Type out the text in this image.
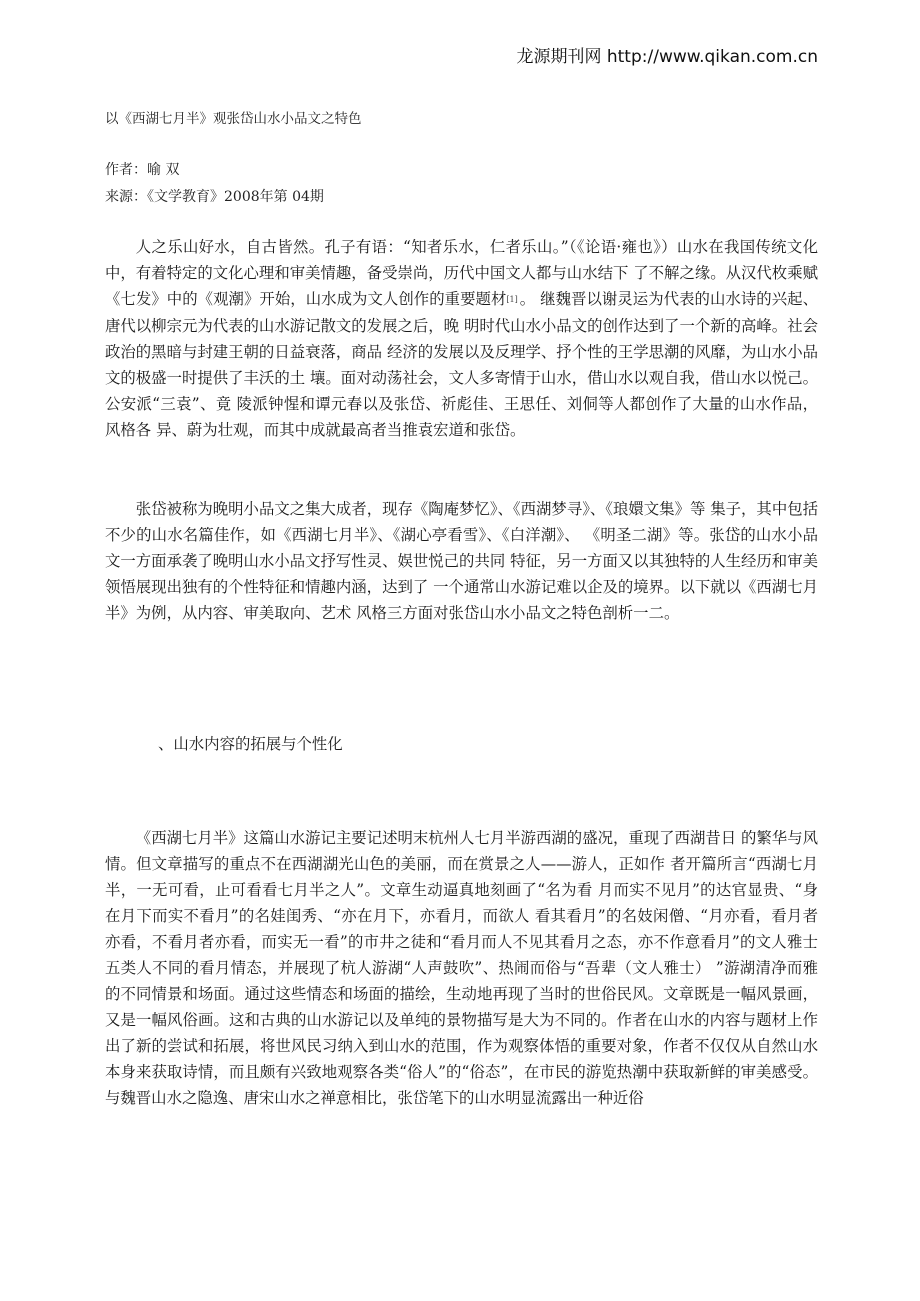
龙源期刊网 http://www.qikan.com.cn
以《西湖七月半》观张岱山水小品文之特色
作者：喻 双
来源：《文学教育》2008年第 04期

人之乐山好水，自古皆然。孔子有语：“知者乐水，仁者乐山。”（《论语·雍也》）山水在我国传统文化中，有着特定的文化心理和审美情趣，备受崇尚，历代中国文人都与山水结下 了不解之缘。从汉代枚乘赋《七发》中的《观潮》开始，山水成为文人创作的重要题材[1] 。 继魏晋以谢灵运为代表的山水诗的兴起、唐代以柳宗元为代表的山水游记散文的发展之后，晚 明时代山水小品文的创作达到了一个新的高峰。社会政治的黑暗与封建王朝的日益衰落，商品 经济的发展以及反理学、抒个性的王学思潮的风靡，为山水小品文的极盛一时提供了丰沃的土 壤。面对动荡社会，文人多寄情于山水，借山水以观自我，借山水以悦己。公安派“三袁”、竟 陵派钟惺和谭元春以及张岱、祈彪佳、王思任、刘侗等人都创作了大量的山水作品，风格各 异、蔚为壮观，而其中成就最高者当推袁宏道和张岱。

张岱被称为晚明小品文之集大成者，现存《陶庵梦忆》、《西湖梦寻》、《琅嬛文集》等 集子，其中包括不少的山水名篇佳作，如《西湖七月半》、《湖心亭看雪》、《白洋潮》、 《明圣二湖》等。张岱的山水小品文一方面承袭了晚明山水小品文抒写性灵、娱世悦己的共同 特征，另一方面又以其独特的人生经历和审美领悟展现出独有的个性特征和情趣内涵，达到了 一个通常山水游记难以企及的境界。以下就以《西湖七月半》为例，从内容、审美取向、艺术 风格三方面对张岱山水小品文之特色剖析一二。

、山水内容的拓展与个性化

《西湖七月半》这篇山水游记主要记述明末杭州人七月半游西湖的盛况，重现了西湖昔日 的繁华与风情。但文章描写的重点不在西湖湖光山色的美丽，而在赏景之人——游人，正如作 者开篇所言“西湖七月半，一无可看，止可看看七月半之人”。文章生动逼真地刻画了“名为看 月而实不见月”的达官显贵、“身在月下而实不看月”的名娃闺秀、“亦在月下，亦看月，而欲人 看其看月”的名妓闲僧、“月亦看，看月者亦看，不看月者亦看，而实无一看”的市井之徒和“看月而人不见其看月之态，亦不作意看月”的文人雅士五类人不同的看月情态，并展现了杭人游湖“人声鼓吹”、热闹而俗与“吾辈（文人雅士） ”游湖清净而雅的不同情景和场面。通过这些情态和场面的描绘，生动地再现了当时的世俗民风。文章既是一幅风景画，又是一幅风俗画。这和古典的山水游记以及单纯的景物描写是大为不同的。作者在山水的内容与题材上作出了新的尝试和拓展，将世风民习纳入到山水的范围，作为观察体悟的重要对象，作者不仅仅从自然山水本身来获取诗情，而且颇有兴致地观察各类“俗人”的“俗态”，在市民的游览热潮中获取新鲜的审美感受。与魏晋山水之隐逸、唐宋山水之禅意相比，张岱笔下的山水明显流露出一种近俗
